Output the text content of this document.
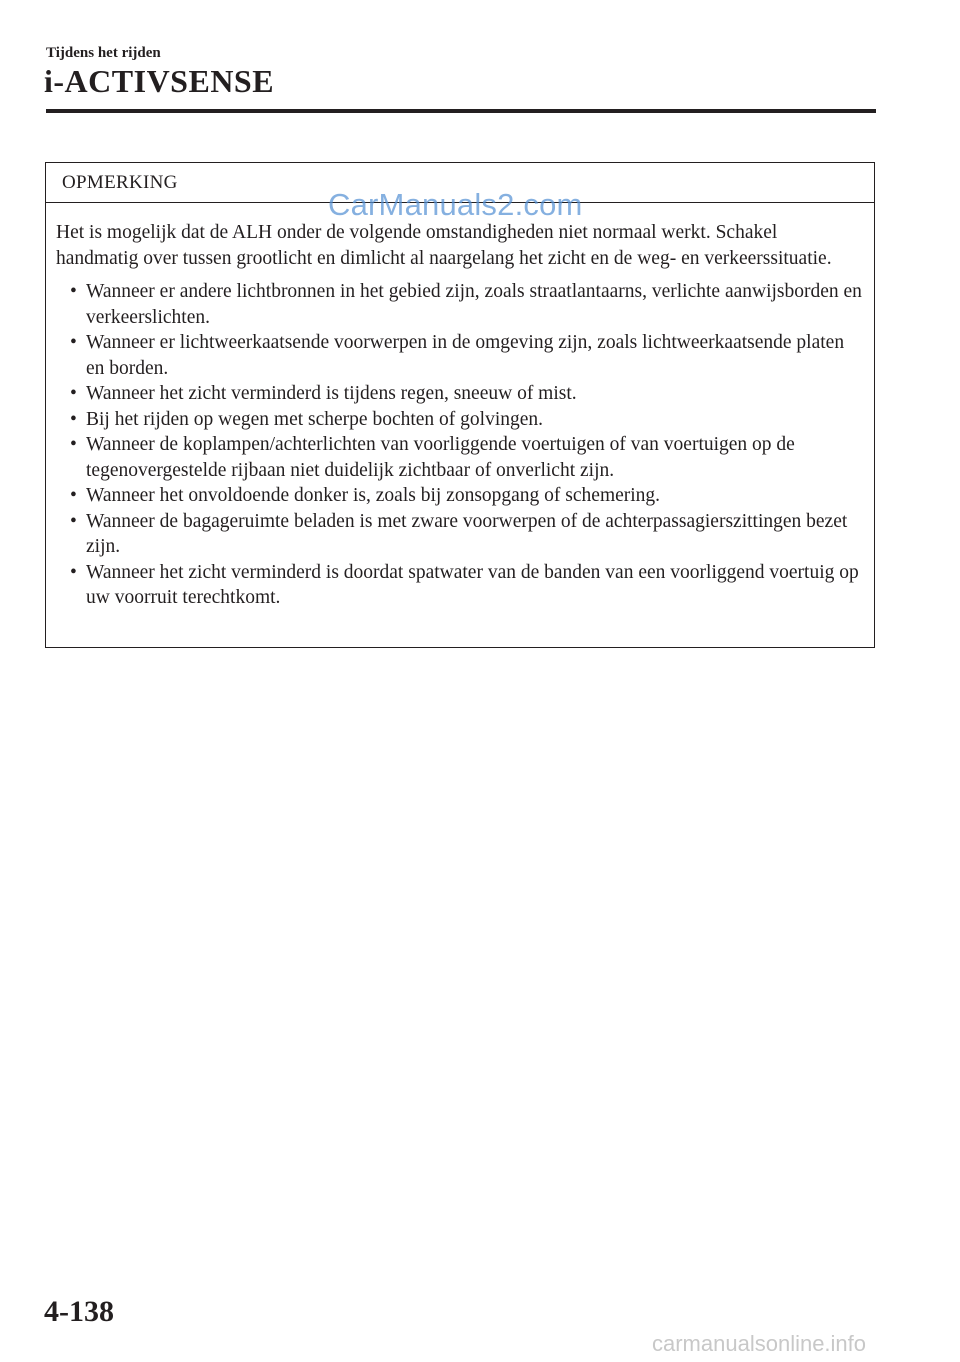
Tijdens het rijden
i-ACTIVSENSE
OPMERKING

Het is mogelijk dat de ALH onder de volgende omstandigheden niet normaal werkt. Schakel handmatig over tussen grootlicht en dimlicht al naargelang het zicht en de weg- en verkeerssituatie.

• Wanneer er andere lichtbronnen in het gebied zijn, zoals straatlantaarns, verlichte aanwijsborden en verkeerslichten.
• Wanneer er lichtweerkaatsende voorwerpen in de omgeving zijn, zoals lichtweerkaatsende platen en borden.
• Wanneer het zicht verminderd is tijdens regen, sneeuw of mist.
• Bij het rijden op wegen met scherpe bochten of golvingen.
• Wanneer de koplampen/achterlichten van voorliggende voertuigen of van voertuigen op de tegenovergestelde rijbaan niet duidelijk zichtbaar of onverlicht zijn.
• Wanneer het onvoldoende donker is, zoals bij zonsopgang of schemering.
• Wanneer de bagageruimte beladen is met zware voorwerpen of de achterpassagierszittingen bezet zijn.
• Wanneer het zicht verminderd is doordat spatwater van de banden van een voorliggend voertuig op uw voorruit terechtkomt.
CarManuals2.com
4-138
carmanualsonline.info
